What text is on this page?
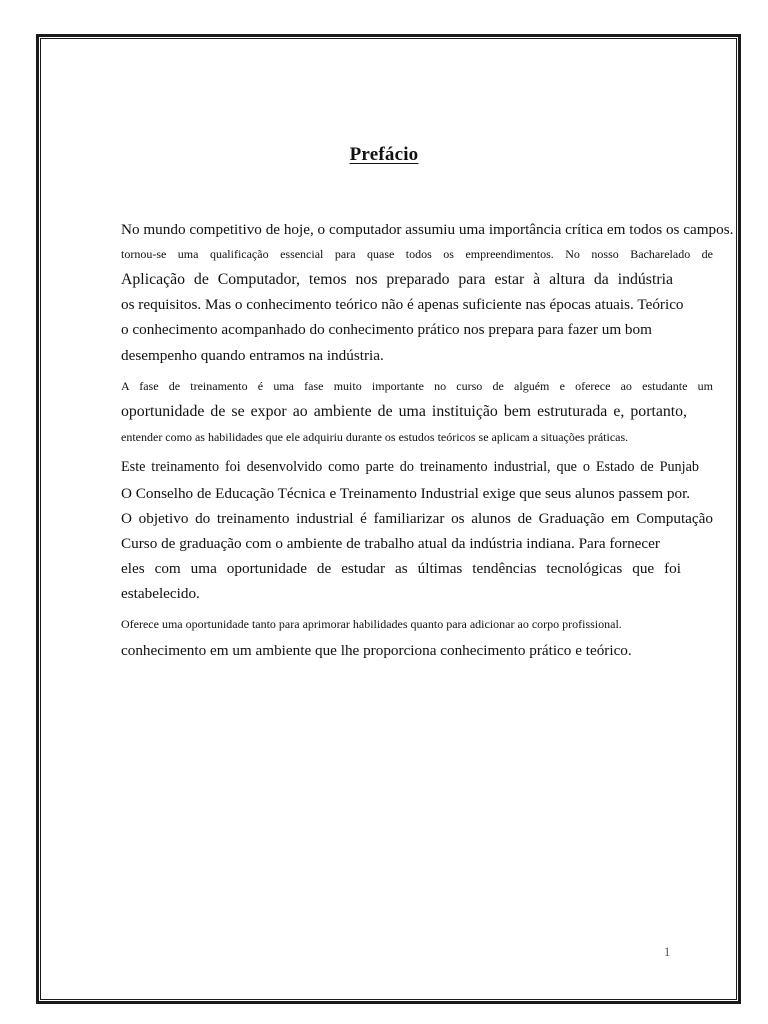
Prefácio

No mundo competitivo de hoje, o computador assumiu uma importância crítica em todos os campos.

tornou-se uma qualificação essencial para quase todos os empreendimentos. No nosso Bacharelado de

Aplicação de Computador, temos nos preparado para estar à altura da indústria

os requisitos. Mas o conhecimento teórico não é apenas suficiente nas épocas atuais. Teórico

o conhecimento acompanhado do conhecimento prático nos prepara para fazer um bom

desempenho quando entramos na indústria.

A fase de treinamento é uma fase muito importante no curso de alguém e oferece ao estudante um

oportunidade de se expor ao ambiente de uma instituição bem estruturada e, portanto,

entender como as habilidades que ele adquiriu durante os estudos teóricos se aplicam a situações práticas.

Este treinamento foi desenvolvido como parte do treinamento industrial, que o Estado de Punjab

O Conselho de Educação Técnica e Treinamento Industrial exige que seus alunos passem por.

O objetivo do treinamento industrial é familiarizar os alunos de Graduação em Computação

Curso de graduação com o ambiente de trabalho atual da indústria indiana. Para fornecer

eles com uma oportunidade de estudar as últimas tendências tecnológicas que foi

estabelecido.

Oferece uma oportunidade tanto para aprimorar habilidades quanto para adicionar ao corpo profissional.

conhecimento em um ambiente que lhe proporciona conhecimento prático e teórico.

1
